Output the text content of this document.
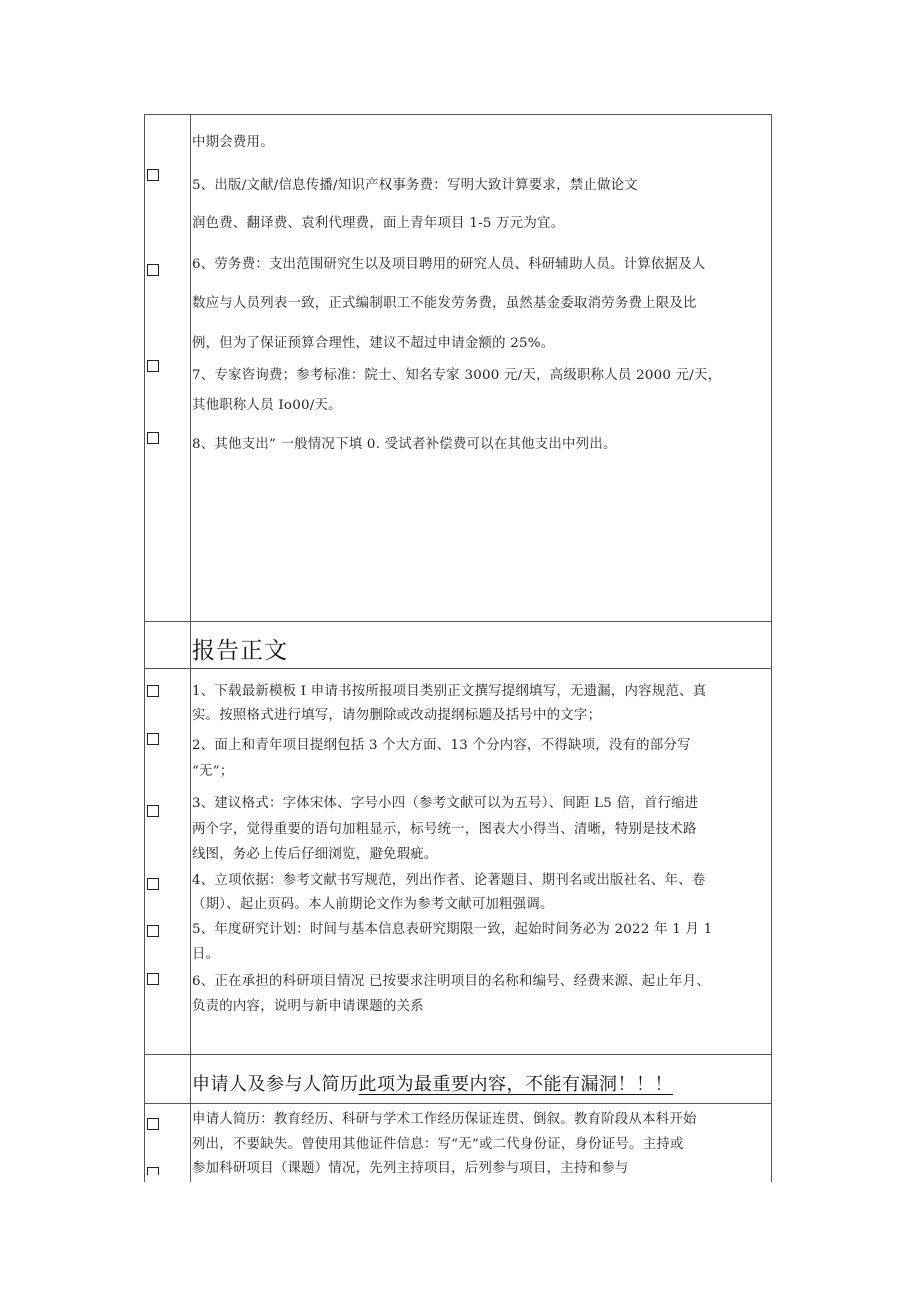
中期会费用。
5、出版/文献/信息传播/知识产权事务费：写明大致计算要求，禁止做论文
润色费、翻译费、袁利代理费，面上青年项目 1-5 万元为宜。
6、劳务费：支出范围研究生以及项目聘用的研究人员、科研辅助人员。计算依据及人
数应与人员列表一致，正式编制职工不能发劳务费，虽然基金委取消劳务费上限及比
例，但为了保证预算合理性，建议不超过申请金额的 25%。
7、专家咨询费；参考标准：院士、知名专家 3000 元/天，高级职称人员 2000 元/天，
其他职称人员 Io00/天。
8、其他支出” 一般情况下填 0. 受试者补偿费可以在其他支出中列出。
报告正文
1、下载最新模板 I 申请书按所报项目类别正文撰写提纲填写，无遗漏，内容规范、真
实。按照格式进行填写，请勿删除或改动提纲标题及括号中的文字；
2、面上和青年项目提纲包括 3 个大方面、13 个分内容，不得缺项，没有的部分写
“无”；
3、建议格式：字体宋体、字号小四（参考文献可以为五号）、间距 L5 倍，首行缩进
两个字，觉得重要的语句加粗显示，标号统一，图表大小得当、清晰，特别是技术路
线图，务必上传后仔细浏览，避免瑕疵。
4、立项依据：参考文献书写规范，列出作者、论著题目、期刊名或出版社名、年、卷
（期）、起止页码。本人前期论文作为参考文献可加粗强调。
5、年度研究计划：时间与基本信息表研究期限一致，起始时间务必为 2022 年 1 月 1
日。
6、正在承担的科研项目情况 已按要求注明项目的名称和编号、经费来源、起止年月、
负责的内容，说明与新申请课题的关系
申请人及参与人简历此项为最重要内容，不能有漏洞！！！
申请人简历：教育经历、科研与学术工作经历保证连贯、倒叙。教育阶段从本科开始
列出，不要缺失。曾使用其他证件信息：写“无”或二代身份证，身份证号。主持或
参加科研项目（课题）情况，先列主持项目，后列参与项目，主持和参与
